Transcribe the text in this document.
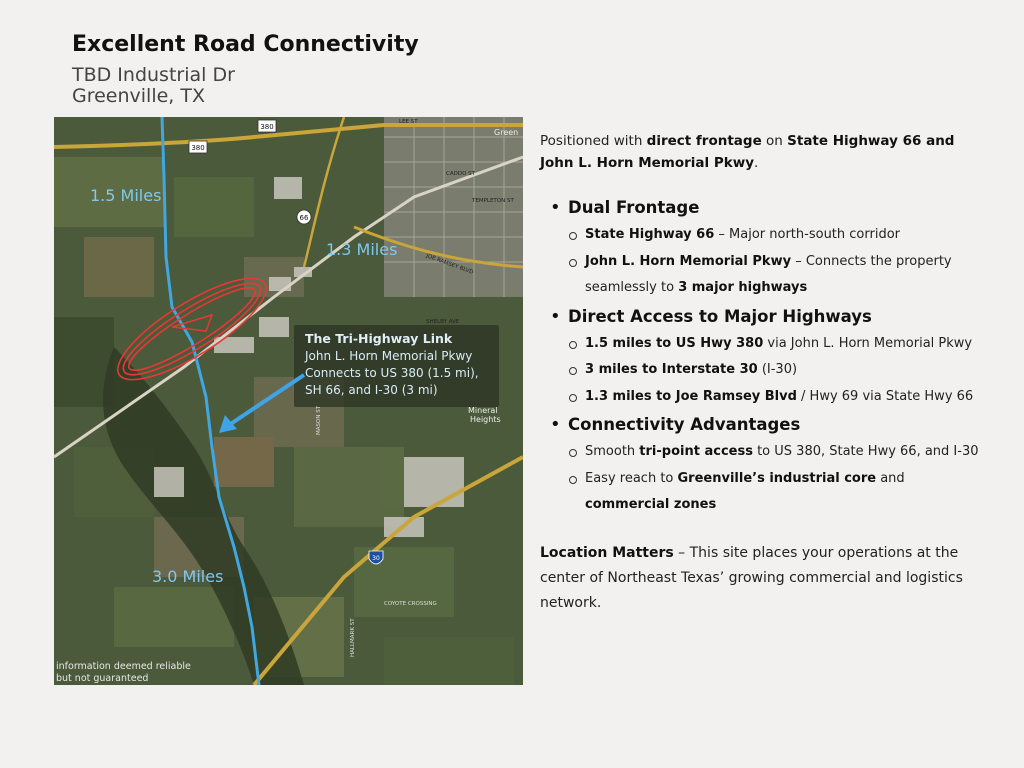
Excellent Road Connectivity
TBD Industrial Dr
Greenville, TX
380
380
66
30
LEE ST
CADDO ST
TEMPLETON ST
JOE RAMSEY BLVD
SHELBY AVE
COYOTE CROSSING
HALLMARK ST
MASON ST	Mineral
Heights
Green
1.5 Miles
1.3 Miles
3.0 Miles
The Tri-Highway Link
John L. Horn Memorial Pkwy
Connects to US 380 (1.5 mi),
SH 66, and I-30 (3 mi)
information deemed reliable
but not guaranteed

Positioned with direct frontage on State Highway 66 and John L. Horn Memorial Pkwy.

• Dual Frontage
State Highway 66 – Major north-south corridor
John L. Horn Memorial Pkwy – Connects the property seamlessly to 3 major highways
• Direct Access to Major Highways
1.5 miles to US Hwy 380 via John L. Horn Memorial Pkwy
3 miles to Interstate 30 (I-30)
1.3 miles to Joe Ramsey Blvd / Hwy 69 via State Hwy 66
• Connectivity Advantages
Smooth tri-point access to US 380, State Hwy 66, and I-30
Easy reach to Greenville’s industrial core and commercial zones

Location Matters – This site places your operations at the center of Northeast Texas’ growing commercial and logistics network.
